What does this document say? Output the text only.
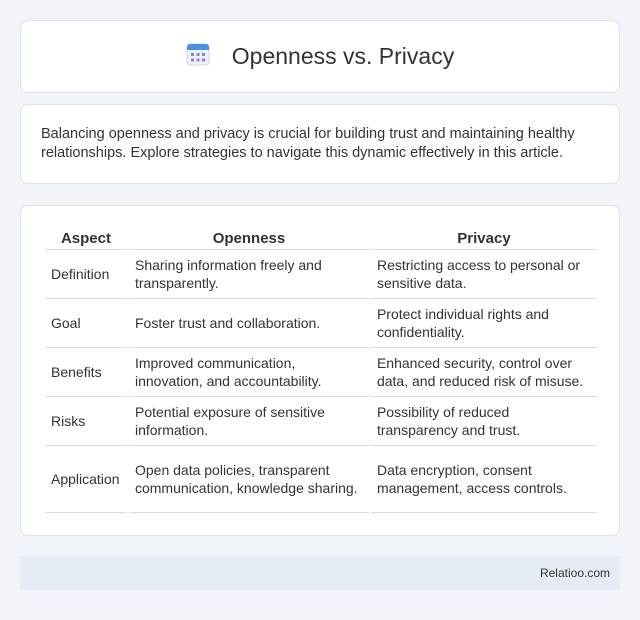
Openness vs. Privacy

Balancing openness and privacy is crucial for building trust and maintaining healthy relationships. Explore strategies to navigate this dynamic effectively in this article.

Aspect	Openness	Privacy
Definition	Sharing information freely and transparently.	Restricting access to personal or sensitive data.
Goal	Foster trust and collaboration.	Protect individual rights and confidentiality.
Benefits	Improved communication, innovation, and accountability.	Enhanced security, control over data, and reduced risk of misuse.
Risks	Potential exposure of sensitive information.	Possibility of reduced transparency and trust.
Application	Open data policies, transparent communication, knowledge sharing.	Data encryption, consent management, access controls.
Relatioo.com
